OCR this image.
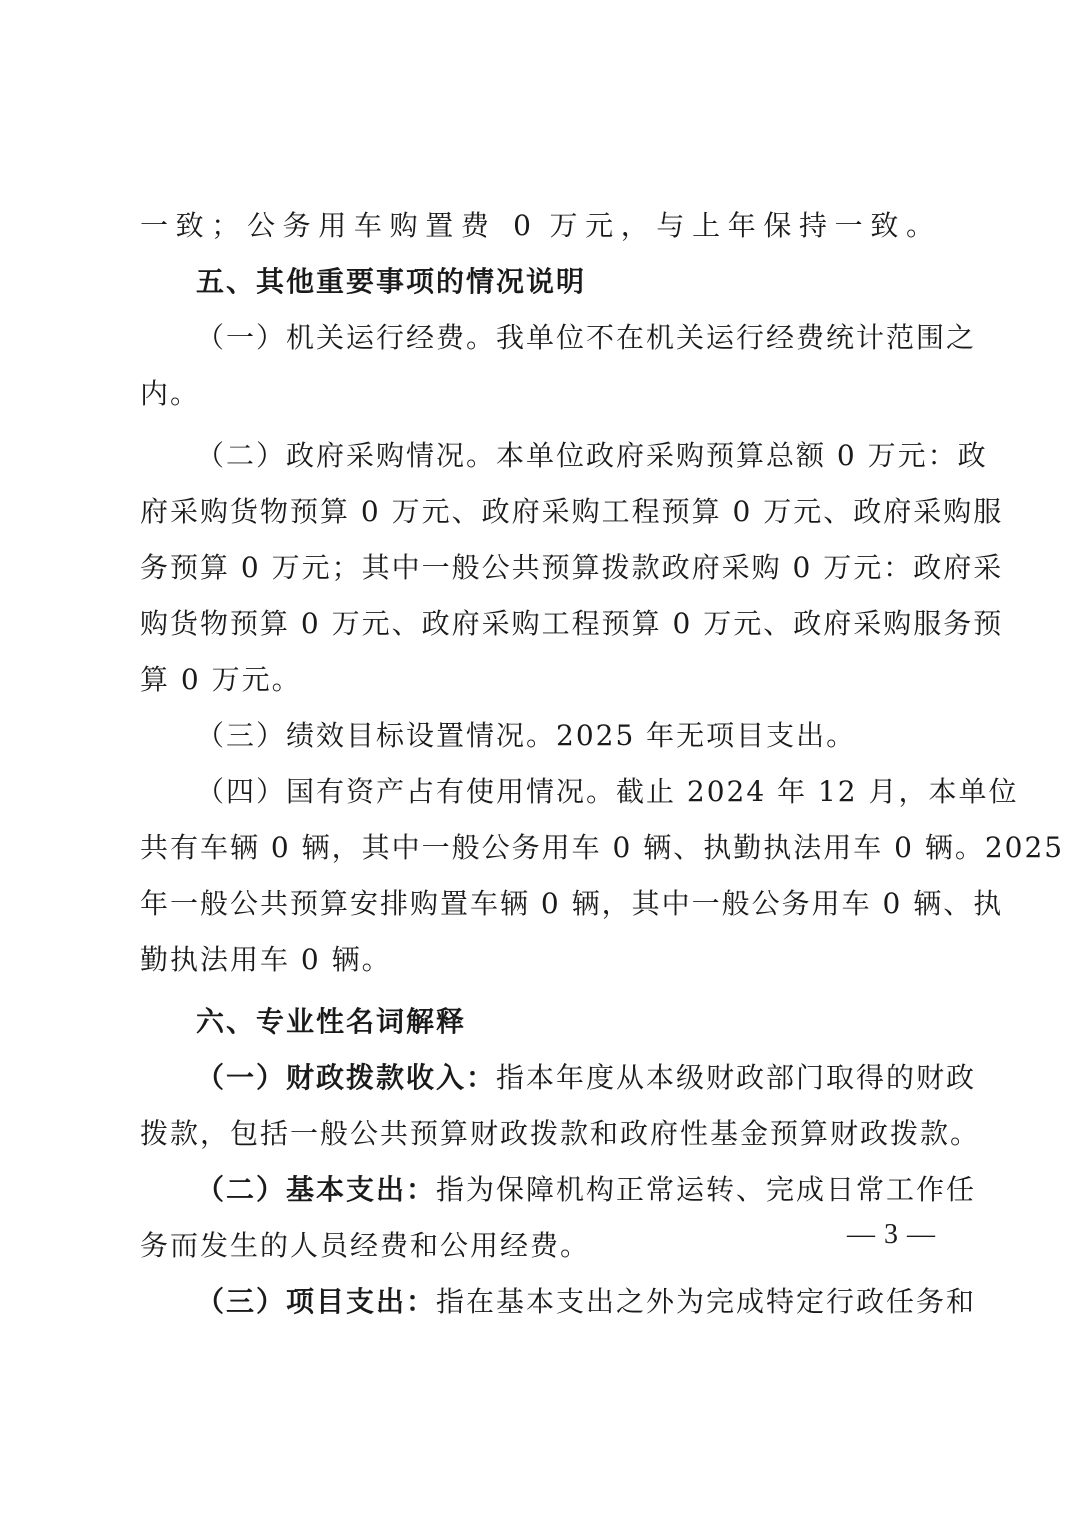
一致；公务用车购置费 0 万元，与上年保持一致。
五、其他重要事项的情况说明
（一）机关运行经费。我单位不在机关运行经费统计范围之
内。
（二）政府采购情况。本单位政府采购预算总额 0 万元：政
府采购货物预算 0 万元、政府采购工程预算 0 万元、政府采购服
务预算 0 万元；其中一般公共预算拨款政府采购 0 万元：政府采
购货物预算 0 万元、政府采购工程预算 0 万元、政府采购服务预
算 0 万元。
（三）绩效目标设置情况。2025 年无项目支出。
（四）国有资产占有使用情况。截止 2024 年 12 月，本单位
共有车辆 0 辆，其中一般公务用车 0 辆、执勤执法用车 0 辆。2025
年一般公共预算安排购置车辆 0 辆，其中一般公务用车 0 辆、执
勤执法用车 0 辆。
六、专业性名词解释
（一）财政拨款收入：指本年度从本级财政部门取得的财政
拨款，包括一般公共预算财政拨款和政府性基金预算财政拨款。
（二）基本支出：指为保障机构正常运转、完成日常工作任
务而发生的人员经费和公用经费。
（三）项目支出：指在基本支出之外为完成特定行政任务和
— 3 —
